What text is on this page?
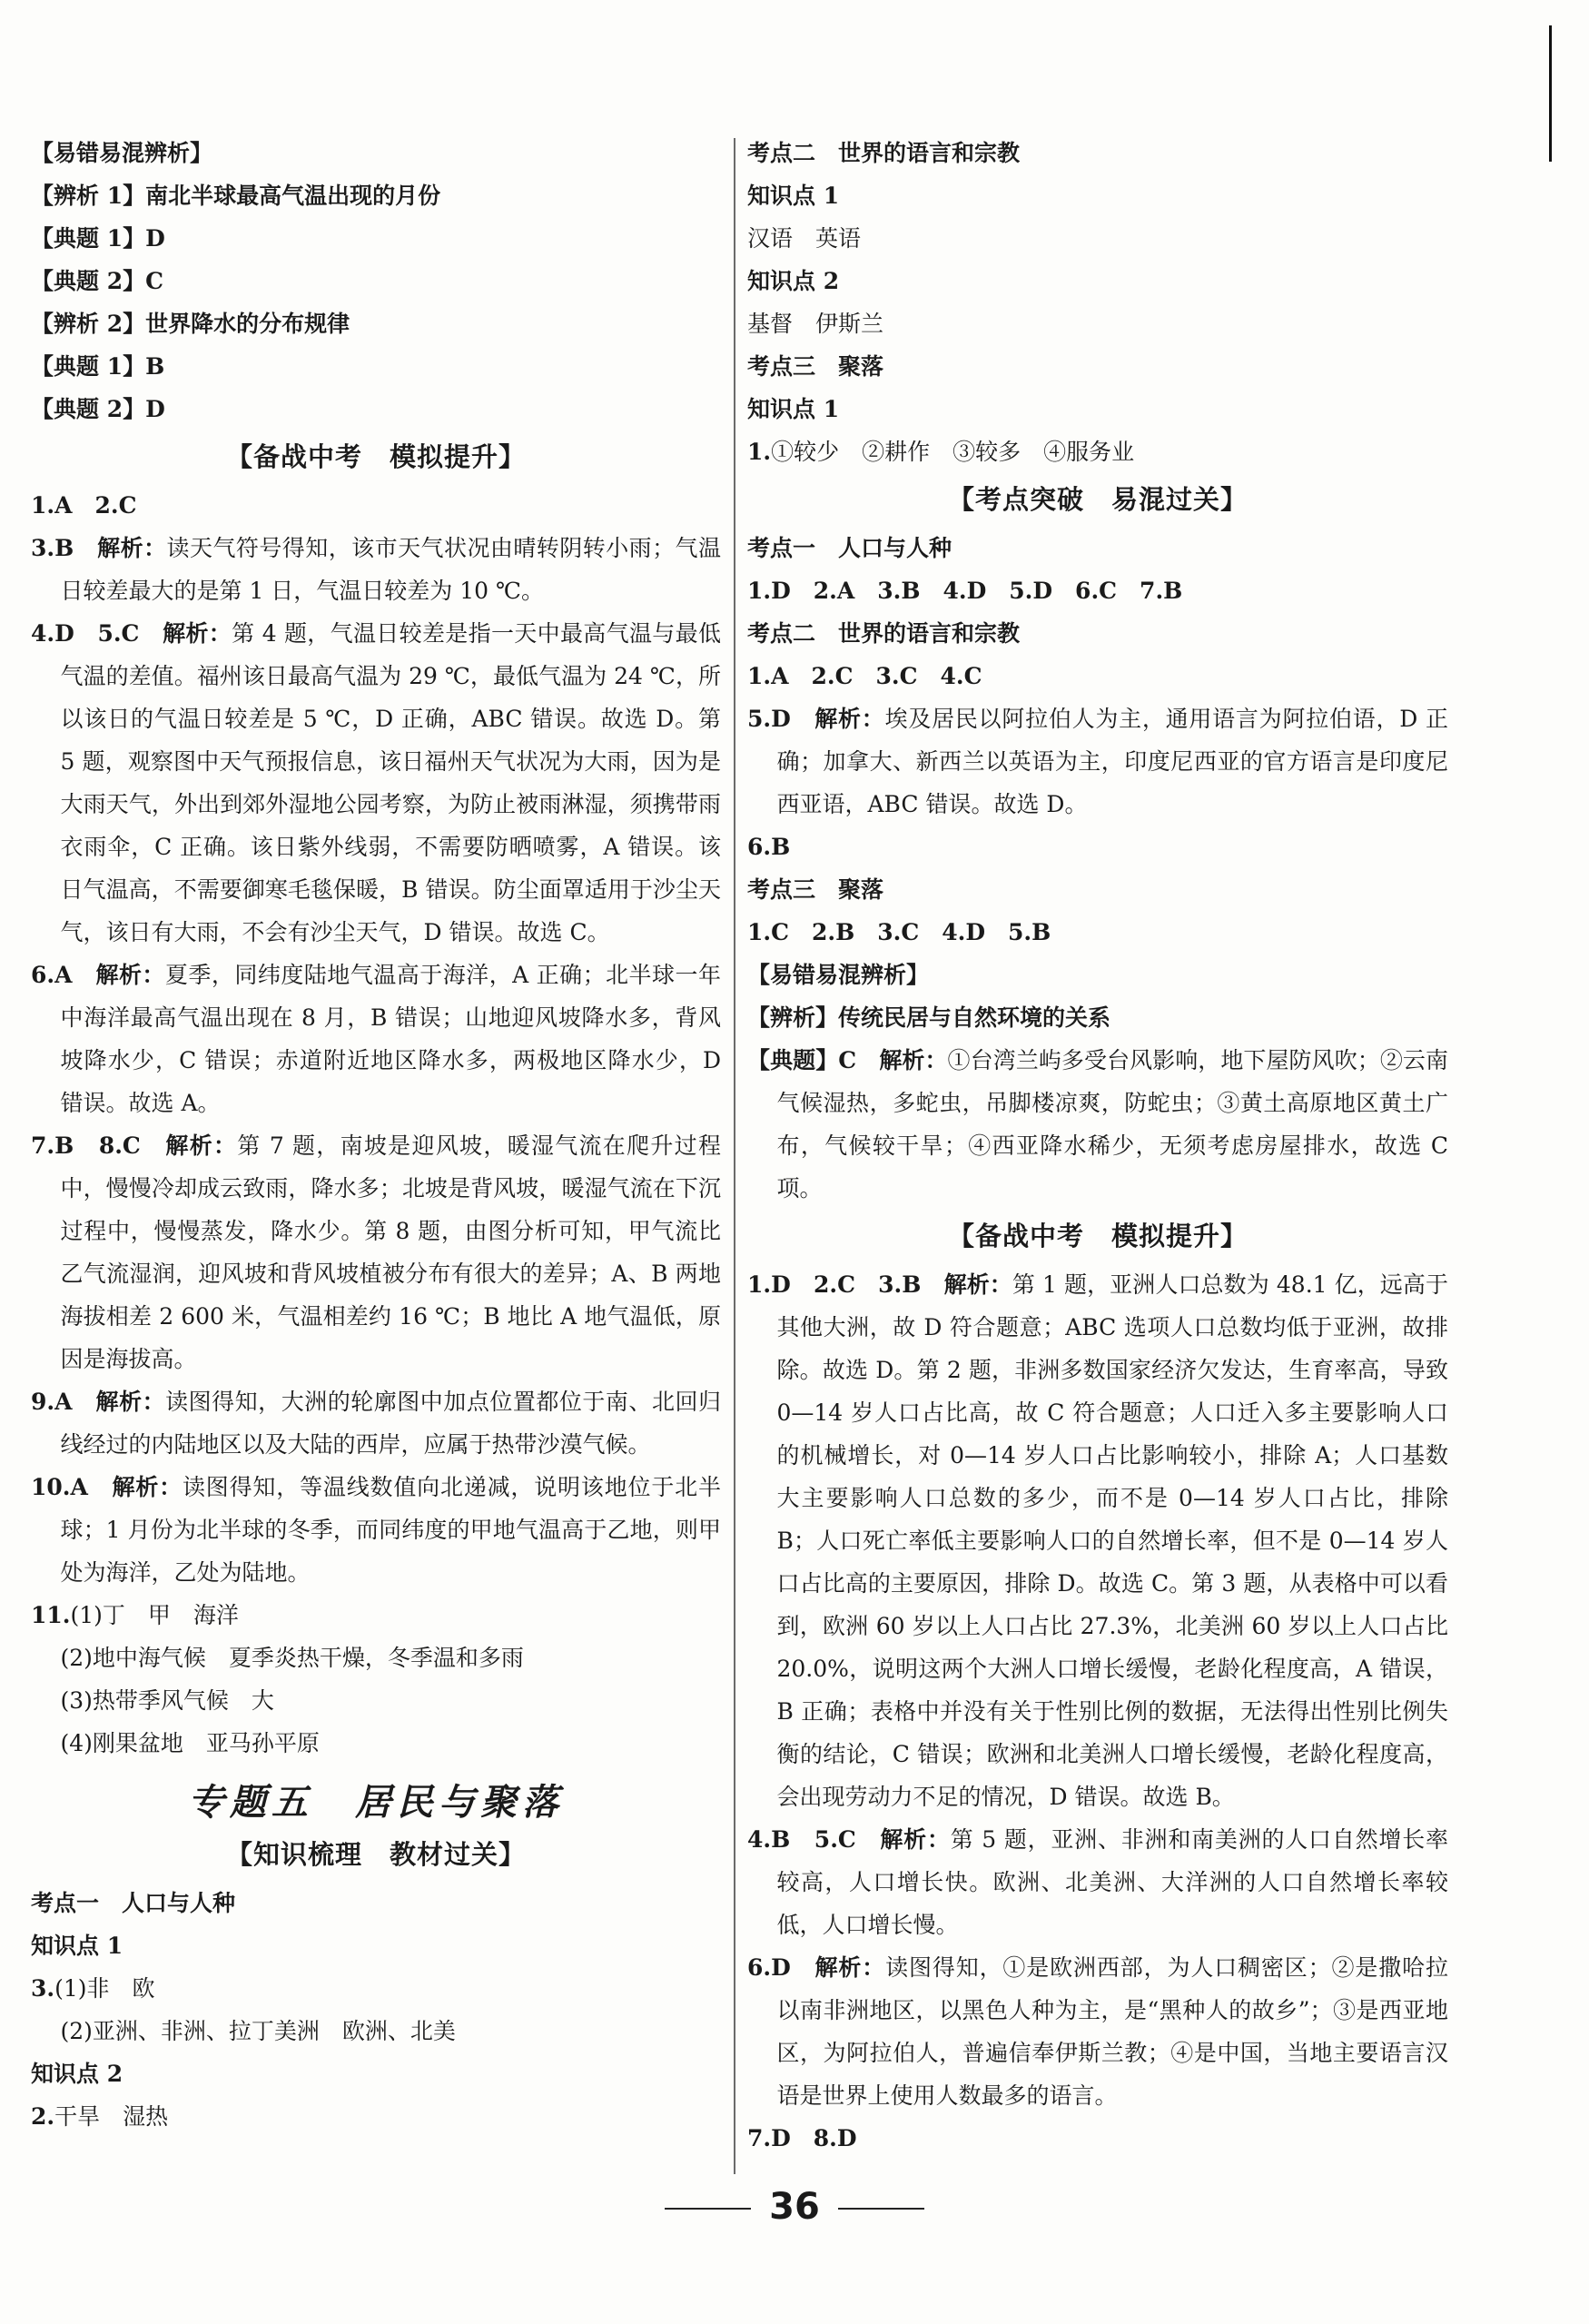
【易错易混辨析】
【辨析 1】南北半球最高气温出现的月份
【典题 1】D
【典题 2】C
【辨析 2】世界降水的分布规律
【典题 1】B
【典题 2】D
【备战中考　模拟提升】
1.A　2.C
3.B　 解析：读天气符号得知，该市天气状况由晴转阴转小雨；气温日较差最大的是第 1 日，气温日较差为 10 ℃。
4.D　5.C　 解析：第 4 题，气温日较差是指一天中最高气温与最低气温的差值。福州该日最高气温为 29 ℃，最低气温为 24 ℃，所以该日的气温日较差是 5 ℃，D 正确，ABC 错误。故选 D。第 5 题，观察图中天气预报信息，该日福州天气状况为大雨，因为是大雨天气，外出到郊外湿地公园考察，为防止被雨淋湿，须携带雨衣雨伞，C 正确。该日紫外线弱，不需要防晒喷雾，A 错误。该日气温高，不需要御寒毛毯保暖，B 错误。防尘面罩适用于沙尘天气，该日有大雨，不会有沙尘天气，D 错误。故选 C。
6.A　 解析：夏季，同纬度陆地气温高于海洋，A 正确；北半球一年中海洋最高气温出现在 8 月，B 错误；山地迎风坡降水多，背风坡降水少，C 错误；赤道附近地区降水多，两极地区降水少，D 错误。故选 A。
7.B　8.C　 解析：第 7 题，南坡是迎风坡，暖湿气流在爬升过程中，慢慢冷却成云致雨，降水多；北坡是背风坡，暖湿气流在下沉过程中，慢慢蒸发，降水少。第 8 题，由图分析可知，甲气流比乙气流湿润，迎风坡和背风坡植被分布有很大的差异；A、B 两地海拔相差 2 600 米，气温相差约 16 ℃；B 地比 A 地气温低，原因是海拔高。
9.A　 解析：读图得知，大洲的轮廓图中加点位置都位于南、北回归线经过的内陆地区以及大陆的西岸，应属于热带沙漠气候。
10.A　 解析：读图得知，等温线数值向北递减，说明该地位于北半球；1 月份为北半球的冬季，而同纬度的甲地气温高于乙地，则甲处为海洋，乙处为陆地。
11.(1)丁　甲　海洋
(2)地中海气候　夏季炎热干燥，冬季温和多雨
(3)热带季风气候　大
(4)刚果盆地　亚马孙平原
专题五　居民与聚落
【知识梳理　教材过关】
考点一　人口与人种
知识点 1
3.(1)非　欧
(2)亚洲、非洲、拉丁美洲　欧洲、北美
知识点 2
2.干旱　湿热
考点二　世界的语言和宗教
知识点 1
汉语　英语
知识点 2
基督　伊斯兰
考点三　聚落
知识点 1
1.①较少　②耕作　③较多　④服务业
【考点突破　易混过关】
考点一　人口与人种
1.D　2.A　3.B　4.D　5.D　6.C　7.B
考点二　世界的语言和宗教
1.A　2.C　3.C　4.C
5.D　 解析：埃及居民以阿拉伯人为主，通用语言为阿拉伯语，D 正确；加拿大、新西兰以英语为主，印度尼西亚的官方语言是印度尼西亚语，ABC 错误。故选 D。
6.B
考点三　聚落
1.C　2.B　3.C　4.D　5.B
【易错易混辨析】
【辨析】传统民居与自然环境的关系
【典题】C　 解析：①台湾兰屿多受台风影响，地下屋防风吹；②云南气候湿热，多蛇虫，吊脚楼凉爽，防蛇虫；③黄土高原地区黄土广布，气候较干旱；④西亚降水稀少，无须考虑房屋排水，故选 C 项。
【备战中考　模拟提升】
1.D　2.C　3.B　 解析：第 1 题，亚洲人口总数为 48.1 亿，远高于其他大洲，故 D 符合题意；ABC 选项人口总数均低于亚洲，故排除。故选 D。第 2 题，非洲多数国家经济欠发达，生育率高，导致 0—14 岁人口占比高，故 C 符合题意；人口迁入多主要影响人口的机械增长，对 0—14 岁人口占比影响较小，排除 A；人口基数大主要影响人口总数的多少，而不是 0—14 岁人口占比，排除 B；人口死亡率低主要影响人口的自然增长率，但不是 0—14 岁人口占比高的主要原因，排除 D。故选 C。第 3 题，从表格中可以看到，欧洲 60 岁以上人口占比 27.3%，北美洲 60 岁以上人口占比 20.0%，说明这两个大洲人口增长缓慢，老龄化程度高，A 错误，B 正确；表格中并没有关于性别比例的数据，无法得出性别比例失衡的结论，C 错误；欧洲和北美洲人口增长缓慢，老龄化程度高，会出现劳动力不足的情况，D 错误。故选 B。
4.B　5.C　 解析：第 5 题，亚洲、非洲和南美洲的人口自然增长率较高，人口增长快。欧洲、北美洲、大洋洲的人口自然增长率较低，人口增长慢。
6.D　 解析：读图得知，①是欧洲西部，为人口稠密区；②是撒哈拉以南非洲地区，以黑色人种为主，是“黑种人的故乡”；③是西亚地区，为阿拉伯人，普遍信奉伊斯兰教；④是中国，当地主要语言汉语是世界上使用人数最多的语言。
7.D　8.D
36
